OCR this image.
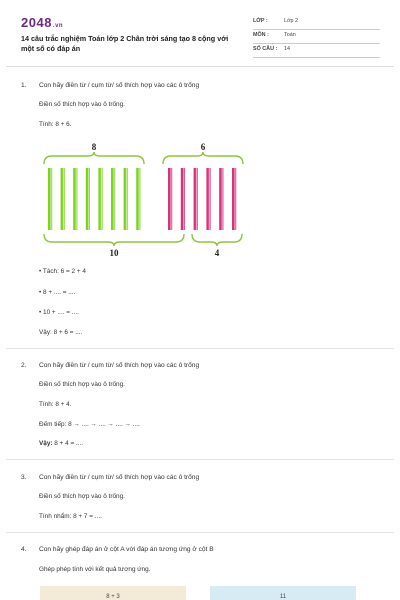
2048.vn
14 câu trắc nghiệm Toán lớp 2 Chân trời sáng tạo 8 cộng với một số có đáp án
LỚP :	Lớp 2
MÔN :	Toán
SỐ CÂU : 14
1. Con hãy điền từ / cụm từ/ số thích hợp vào các ô trống
Điền số thích hợp vào ô trống.
Tính: 8 + 6.
8	6
10	4
• Tách: 6 = 2 + 4
• 8 + .... = ....
• 10 + .... = ....
Vậy: 8 + 6 = ....
2. Con hãy điền từ / cụm từ/ số thích hợp vào các ô trống
Điền số thích hợp vào ô trống.
Tính: 8 + 4.
Đếm tiếp: 8 → .... → .... → .... → ....
Vậy: 8 + 4 = ....
3. Con hãy điền từ / cụm từ/ số thích hợp vào các ô trống
Điền số thích hợp vào ô trống.
Tính nhẩm: 8 + 7 = ....
4. Con hãy ghép đáp án ở cột A với đáp án tương ứng ở cột B
Ghép phép tính với kết quả tương ứng.
8 + 3	11
